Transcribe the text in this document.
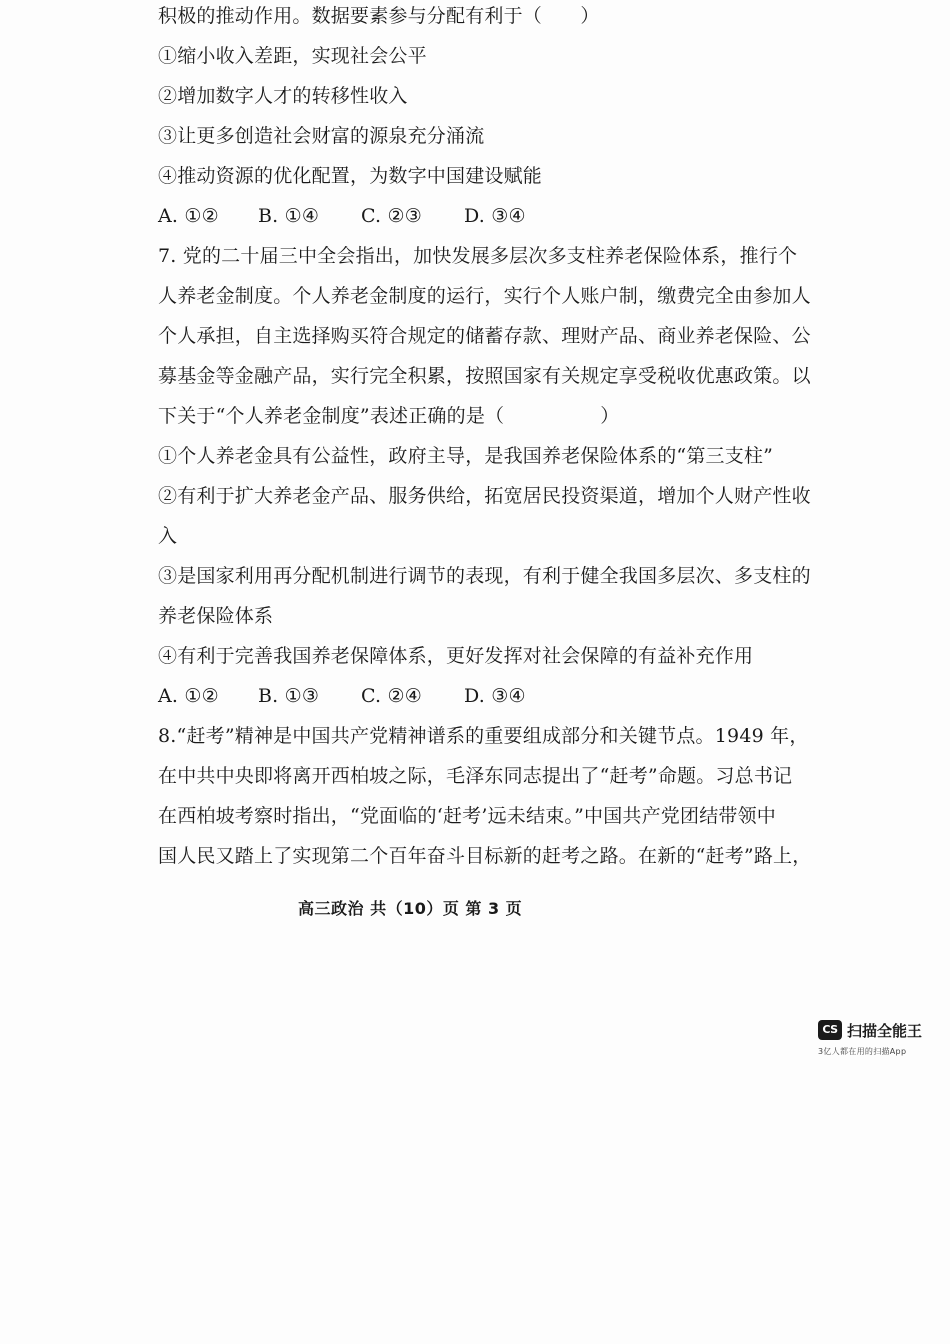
积极的推动作用。数据要素参与分配有利于（　　）
①缩小收入差距，实现社会公平
②增加数字人才的转移性收入
③让更多创造社会财富的源泉充分涌流
④推动资源的优化配置，为数字中国建设赋能
A. ①②	B. ①④	C. ②③	D. ③④
7. 党的二十届三中全会指出，加快发展多层次多支柱养老保险体系，推行个
人养老金制度。个人养老金制度的运行，实行个人账户制，缴费完全由参加人
个人承担，自主选择购买符合规定的储蓄存款、理财产品、商业养老保险、公
募基金等金融产品，实行完全积累，按照国家有关规定享受税收优惠政策。以
下关于“个人养老金制度”表述正确的是（　　　　　）
①个人养老金具有公益性，政府主导，是我国养老保险体系的“第三支柱”
②有利于扩大养老金产品、服务供给，拓宽居民投资渠道，增加个人财产性收
入
③是国家利用再分配机制进行调节的表现，有利于健全我国多层次、多支柱的
养老保险体系
④有利于完善我国养老保障体系，更好发挥对社会保障的有益补充作用
A. ①②	B. ①③	C. ②④	D. ③④
8.“赶考”精神是中国共产党精神谱系的重要组成部分和关键节点。1949 年，
在中共中央即将离开西柏坡之际，毛泽东同志提出了“赶考”命题。习总书记
在西柏坡考察时指出，“党面临的‘赶考’远未结束。”中国共产党团结带领中
国人民又踏上了实现第二个百年奋斗目标新的赶考之路。在新的“赶考”路上，
高三政治 共（10）页 第 3 页
CS 扫描全能王
3亿人都在用的扫描App
